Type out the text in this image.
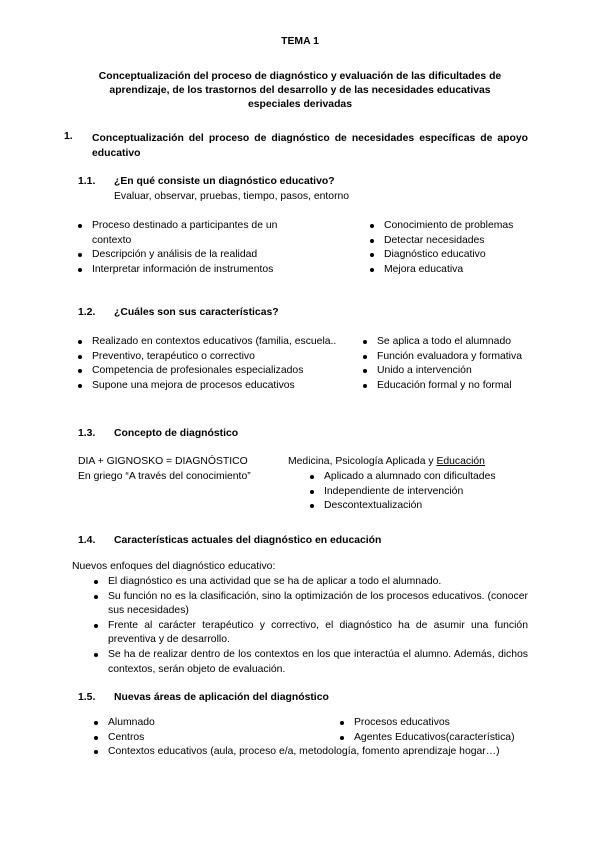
TEMA 1
Conceptualización del proceso de diagnóstico y evaluación de las dificultades de aprendizaje, de los trastornos del desarrollo y de las necesidades educativas especiales derivadas
1. Conceptualización del proceso de diagnóstico de necesidades específicas de apoyo educativo
1.1. ¿En qué consiste un diagnóstico educativo?
Evaluar, observar, pruebas, tiempo, pasos, entorno
Proceso destinado a participantes de un contexto
Descripción y análisis de la realidad
Interpretar información de instrumentos
Conocimiento de problemas
Detectar necesidades
Diagnóstico educativo
Mejora educativa
1.2. ¿Cuáles son sus características?
Realizado en contextos educativos (familia, escuela..
Preventivo, terapéutico o correctivo
Competencia de profesionales especializados
Supone una mejora de procesos educativos
Se aplica a todo el alumnado
Función evaluadora y formativa
Unido a intervención
Educación formal y no formal
1.3. Concepto de diagnóstico
DIA + GIGNOSKO = DIAGNÓSTICO
En griego “A través del conocimiento”
Medicina, Psicología Aplicada y Educación
Aplicado a alumnado con dificultades
Independiente de intervención
Descontextualización
1.4. Características actuales del diagnóstico en educación
Nuevos enfoques del diagnóstico educativo:
El diagnóstico es una actividad que se ha de aplicar a todo el alumnado.
Su función no es la clasificación, sino la optimización de los procesos educativos. (conocer sus necesidades)
Frente al carácter terapéutico y correctivo, el diagnóstico ha de asumir una función preventiva y de desarrollo.
Se ha de realizar dentro de los contextos en los que interactúa el alumno. Además, dichos contextos, serán objeto de evaluación.
1.5. Nuevas áreas de aplicación del diagnóstico
Alumnado
Centros
Procesos educativos
Agentes Educativos(característica)
Contextos educativos (aula, proceso e/a, metodología, fomento aprendizaje hogar…)
